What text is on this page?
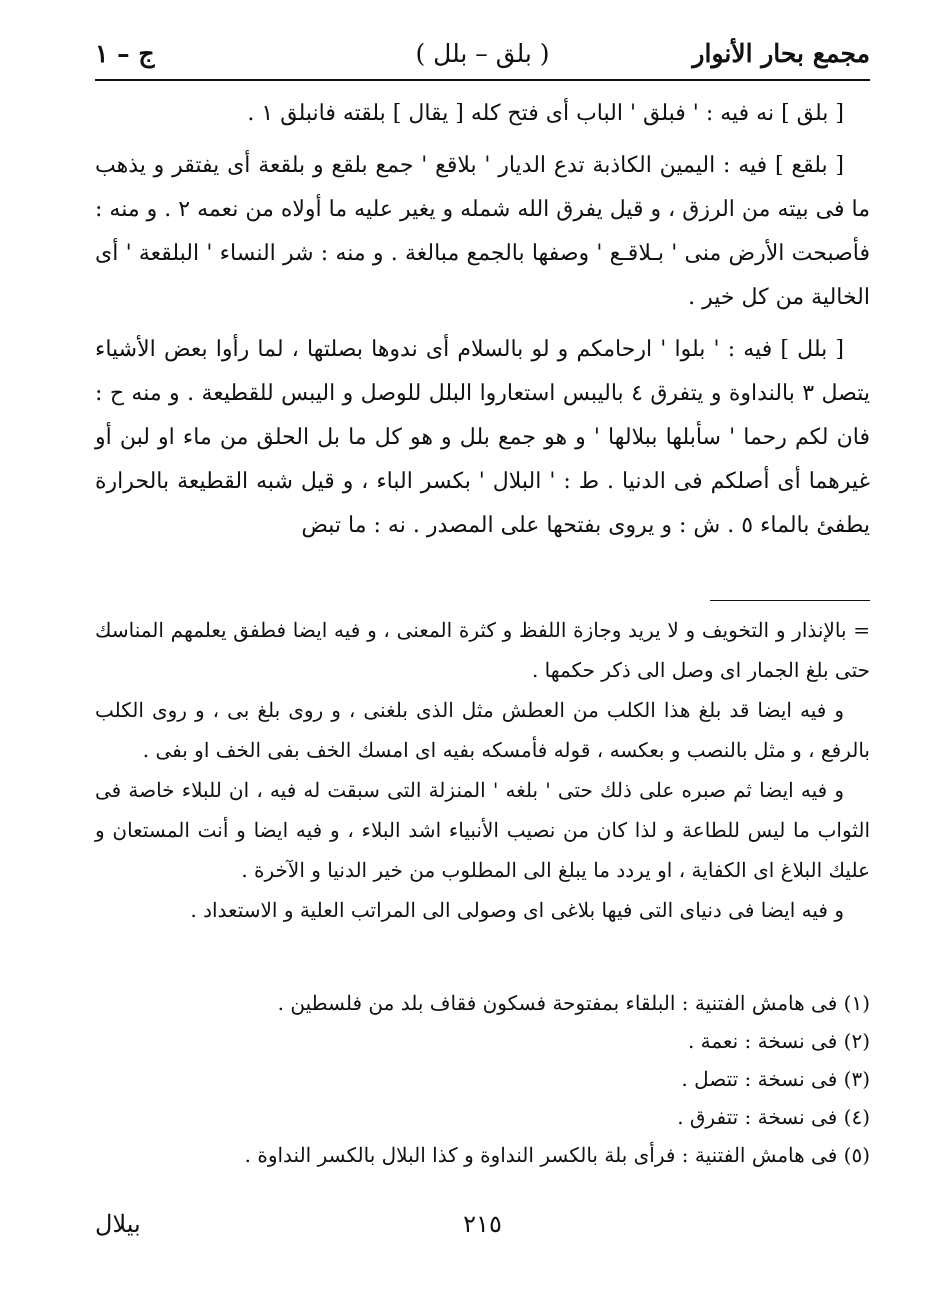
مجمع بحار الأنوار
( بلق – بلل )
ج – ١

[ بلق ] نه فيه : ' فبلق ' الباب أى فتح كله [ يقال ] بلقته فانبلق ١ .

[ بلقع ] فيه : اليمين الكاذبة تدع الديار ' بلاقع ' جمع بلقع و بلقعة أى يفتقر و يذهب ما فى بيته من الرزق ، و قيل يفرق الله شمله و يغير عليه ما أولاه من نعمه ٢ . و منه : فأصبحت الأرض منى ' بـلاقـع ' وصفها بالجمع مبالغة . و منه : شر النساء ' البلقعة ' أى الخالية من كل خير .

[ بلل ] فيه : ' بلوا ' ارحامكم و لو بالسلام أى ندوها بصلتها ، لما رأوا بعض الأشياء يتصل ٣ بالنداوة و يتفرق ٤ باليبس استعاروا البلل للوصل و اليبس للقطيعة . و منه ح : فان لكم رحما ' سأبلها ببلالها ' و هو جمع بلل و هو كل ما بل الحلق من ماء او لبن أو غيرهما أى أصلكم فى الدنيا . ط : ' البلال ' بكسر الباء ، و قيل شبه القطيعة بالحرارة يطفئ بالماء ٥ . ش : و يروى بفتحها على المصدر . نه : ما تبض

= بالإنذار و التخويف و لا يريد وجازة اللفظ و كثرة المعنى ، و فيه ايضا فطفق يعلمهم المناسك حتى بلغ الجمار اى وصل الى ذكر حكمها .

و فيه ايضا قد بلغ هذا الكلب من العطش مثل الذى بلغنى ، و روى بلغ بى ، و روى الكلب بالرفع ، و مثل بالنصب و بعكسه ، قوله فأمسكه بفيه اى امسك الخف بفى الخف او بفى .

و فيه ايضا ثم صبره على ذلك حتى ' بلغه ' المنزلة التى سبقت له فيه ، ان للبلاء خاصة فى الثواب ما ليس للطاعة و لذا كان من نصيب الأنبياء اشد البلاء ، و فيه ايضا و أنت المستعان و عليك البلاغ اى الكفاية ، او يردد ما يبلغ الى المطلوب من خير الدنيا و الآخرة .

و فيه ايضا فى دنياى التى فيها بلاغى اى وصولى الى المراتب العلية و الاستعداد .

(١) فى هامش الفتنية : البلقاء بمفتوحة فسكون فقاف بلد من فلسطين .

(٢) فى نسخة : نعمة .

(٣) فى نسخة : تتصل .

(٤) فى نسخة : تتفرق .

(٥) فى هامش الفتنية : فرأى بلة بالكسر النداوة و كذا البلال بالكسر النداوة .

٢١٥
بيلال
